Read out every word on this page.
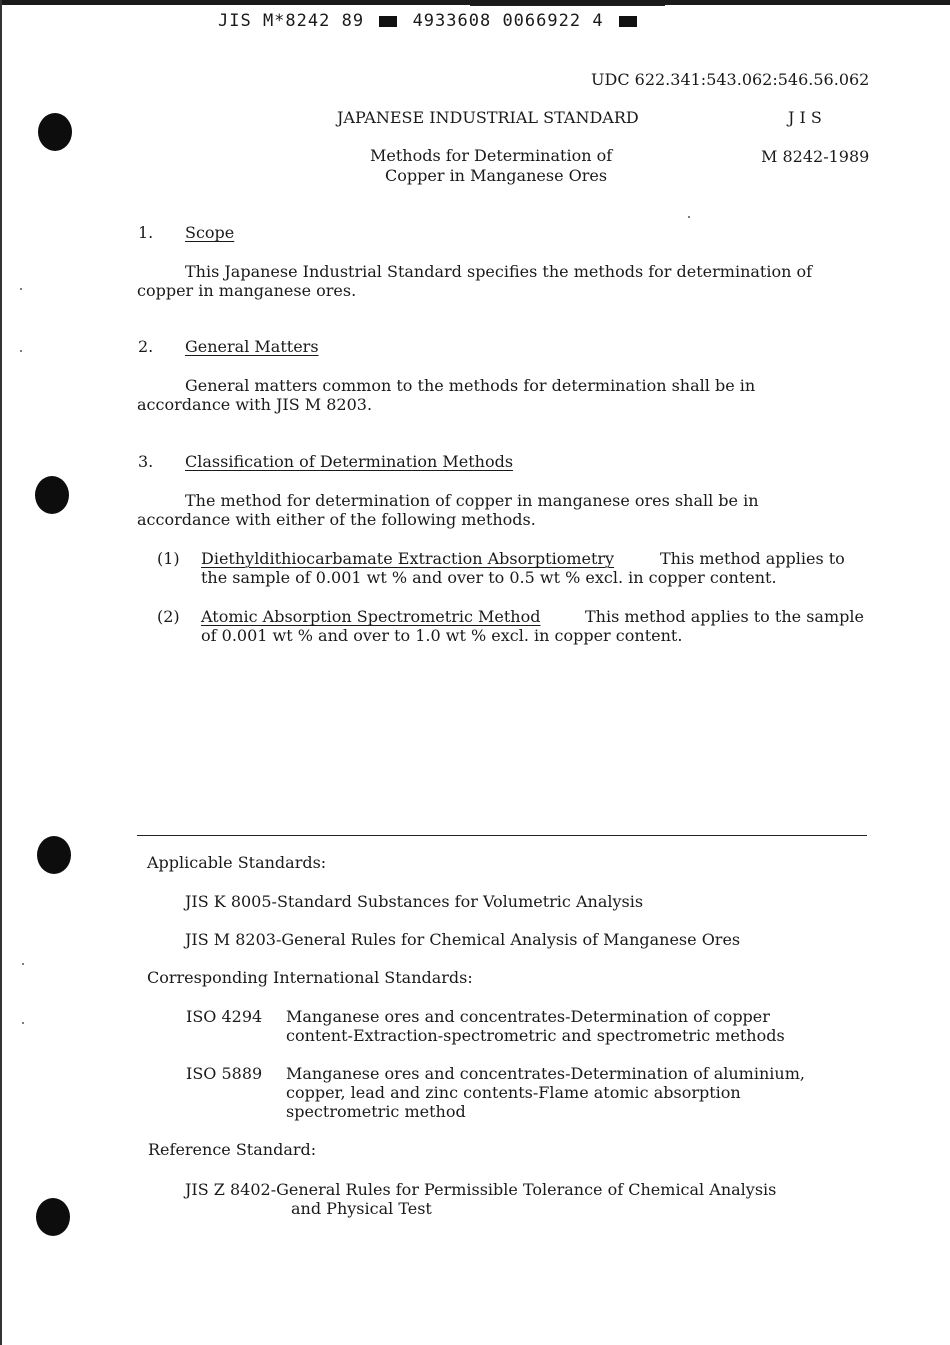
JIS M*8242 89	4933608 0066922 4
UDC 622.341:543.062:546.56.062
JAPANESE INDUSTRIAL STANDARD	J I S
Methods for Determination of
Copper in Manganese Ores
M 8242-1989
1. Scope
This Japanese Industrial Standard specifies the methods for determination of
copper in manganese ores.
2. General Matters
General matters common to the methods for determination shall be in
accordance with JIS M 8203.
3. Classification of Determination Methods
The method for determination of copper in manganese ores shall be in
accordance with either of the following methods.
(1) Diethyldithiocarbamate Extraction Absorptiometry	This method applies to
the sample of 0.001 wt % and over to 0.5 wt % excl. in copper content.
(2) Atomic Absorption Spectrometric Method	This method applies to the sample
of 0.001 wt % and over to 1.0 wt % excl. in copper content.
Applicable Standards:
JIS K 8005-Standard Substances for Volumetric Analysis
JIS M 8203-General Rules for Chemical Analysis of Manganese Ores
Corresponding International Standards:
ISO 4294 Manganese ores and concentrates-Determination of copper
content-Extraction-spectrometric and spectrometric methods
ISO 5889 Manganese ores and concentrates-Determination of aluminium,
copper, lead and zinc contents-Flame atomic absorption
spectrometric method
Reference Standard:
JIS Z 8402-General Rules for Permissible Tolerance of Chemical Analysis
and Physical Test
